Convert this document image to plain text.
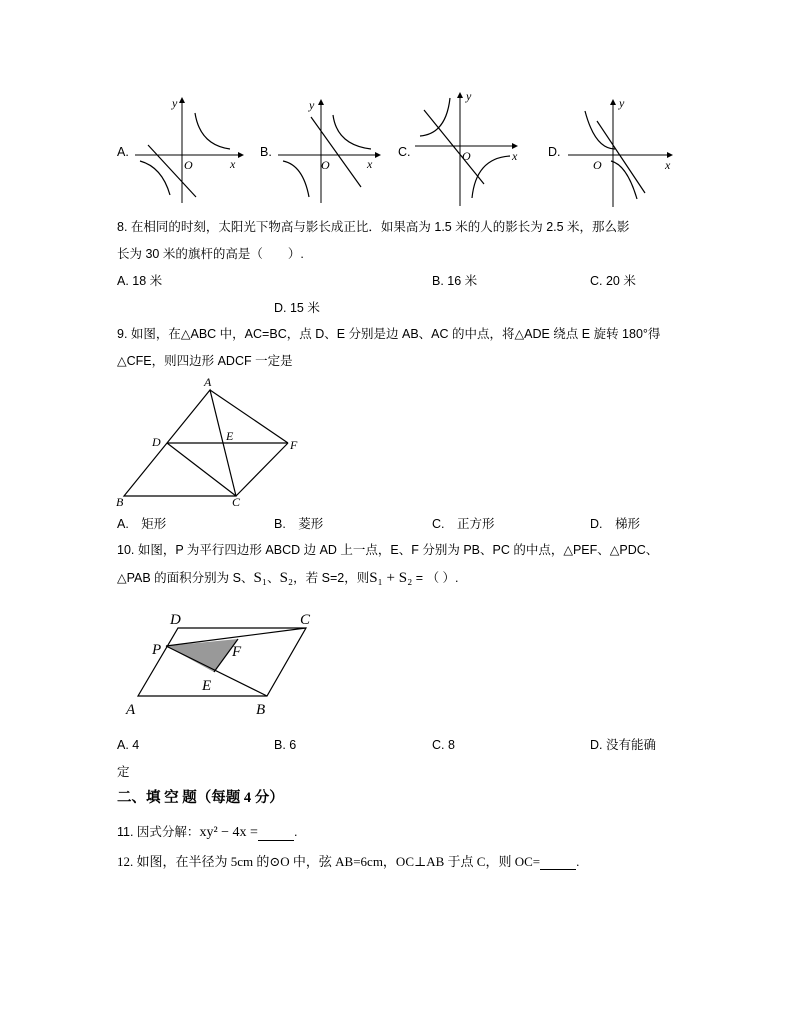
A.
O	x
y
B.
O	x
y
C.	O	x
y
D.
O	x
y
8. 在相同的时刻，太阳光下物高与影长成正比．如果高为 1.5 米的人的影长为 2.5 米，那么影
长为 30 米的旗杆的高是（　　）.
A. 18 米	B. 16 米	C. 20 米
D. 15 米
9. 如图，在△ABC 中，AC=BC，点 D、E 分别是边 AB、AC 的中点，将△ADE 绕点 E 旋转 180°得
△CFE，则四边形 ADCF 一定是
A
B	C
D	E
F
A.　矩形	B.　菱形	C.　正方形	D.　梯形
10. 如图，P 为平行四边形 ABCD 边 AD 上一点，E、F 分别为 PB、PC 的中点，△PEF、△PDC、
△PAB 的面积分别为 S、S₁、S₂，若 S=2，则S₁ + S₂ = （ ）.
D	C
P	F
E
A	B
A. 4	B. 6	C. 8	D. 没有能确
定
二、填 空 题（每题 4 分）
11. 因式分解：xy² − 4x =	.
12. 如图，在半径为 5cm 的⊙O 中，弦 AB=6cm，OC⊥AB 于点 C，则 OC=	.
